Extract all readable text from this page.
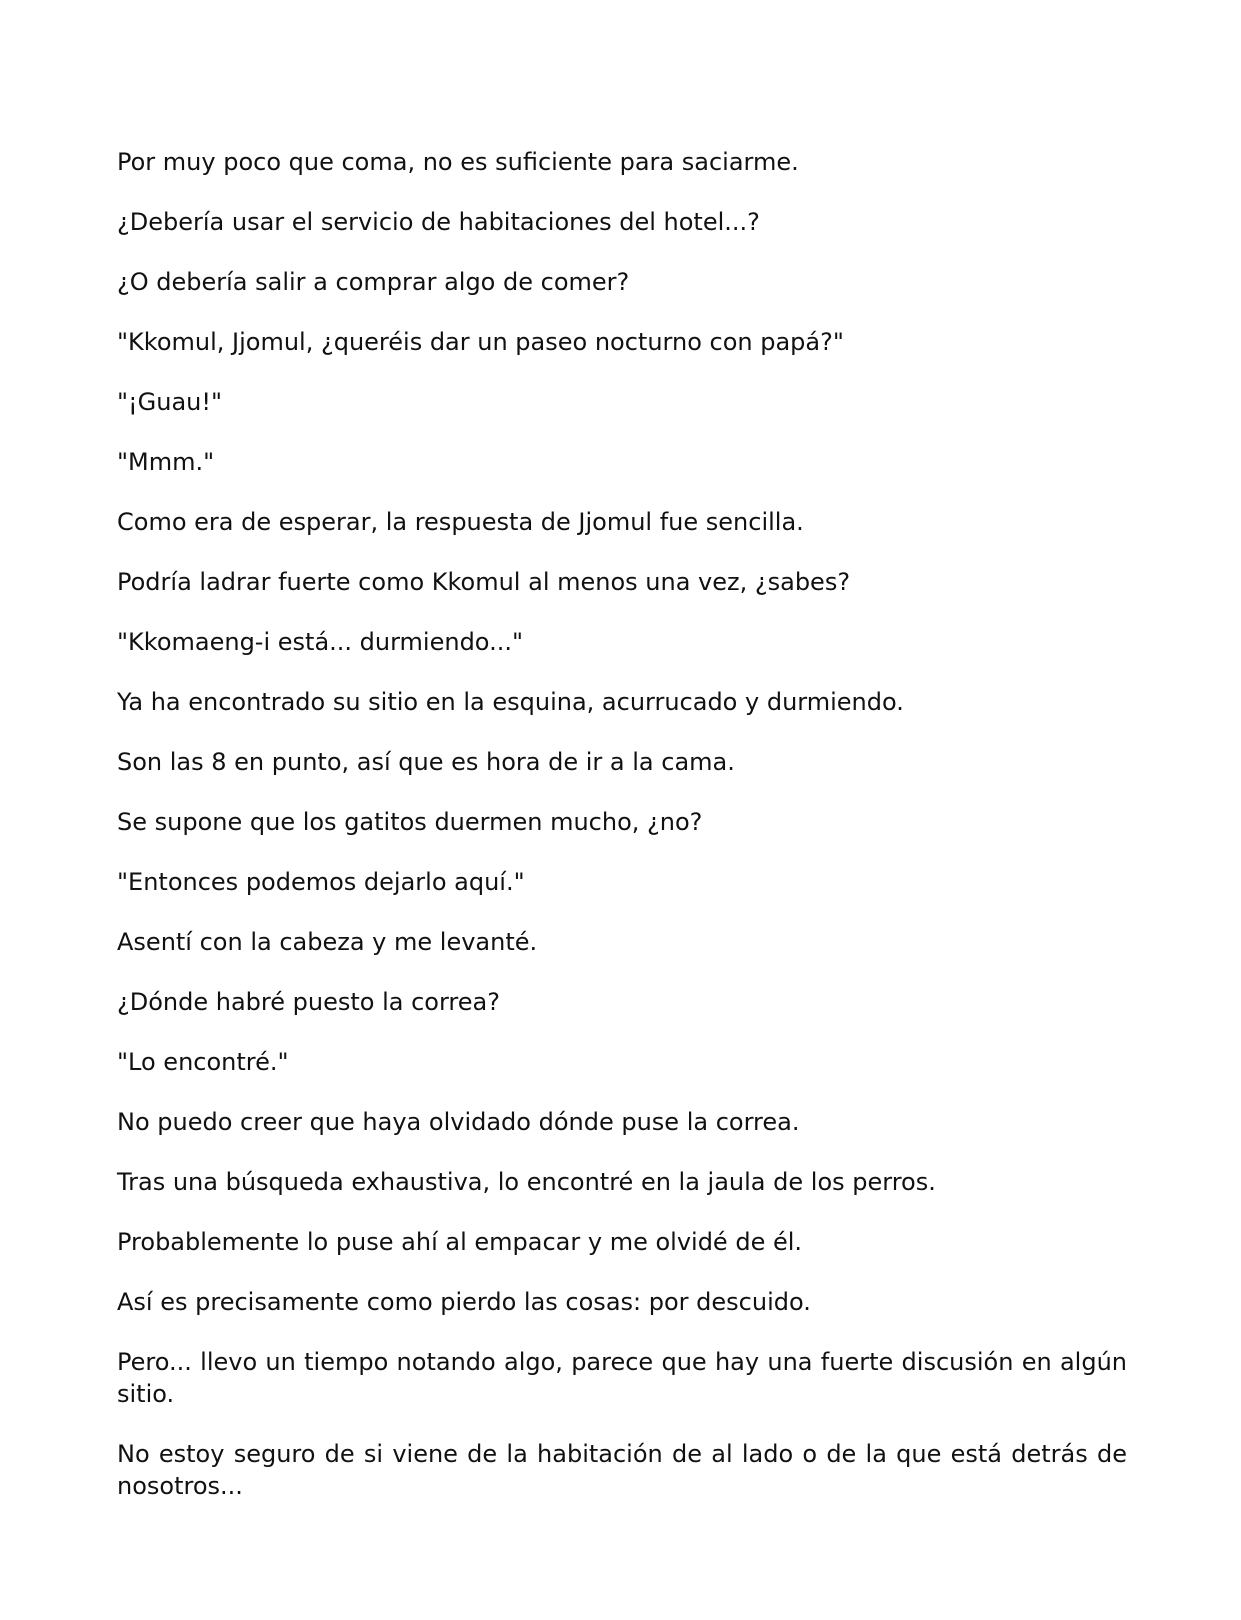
Por muy poco que coma, no es suficiente para saciarme.

¿Debería usar el servicio de habitaciones del hotel...?

¿O debería salir a comprar algo de comer?

"Kkomul, Jjomul, ¿queréis dar un paseo nocturno con papá?"

"¡Guau!"

"Mmm."

Como era de esperar, la respuesta de Jjomul fue sencilla.

Podría ladrar fuerte como Kkomul al menos una vez, ¿sabes?

"Kkomaeng-i está... durmiendo..."

Ya ha encontrado su sitio en la esquina, acurrucado y durmiendo.

Son las 8 en punto, así que es hora de ir a la cama.

Se supone que los gatitos duermen mucho, ¿no?

"Entonces podemos dejarlo aquí."

Asentí con la cabeza y me levanté.

¿Dónde habré puesto la correa?

"Lo encontré."

No puedo creer que haya olvidado dónde puse la correa.

Tras una búsqueda exhaustiva, lo encontré en la jaula de los perros.

Probablemente lo puse ahí al empacar y me olvidé de él.

Así es precisamente como pierdo las cosas: por descuido.

Pero... llevo un tiempo notando algo, parece que hay una fuerte discusión en algún sitio.

No estoy seguro de si viene de la habitación de al lado o de la que está detrás de nosotros...
